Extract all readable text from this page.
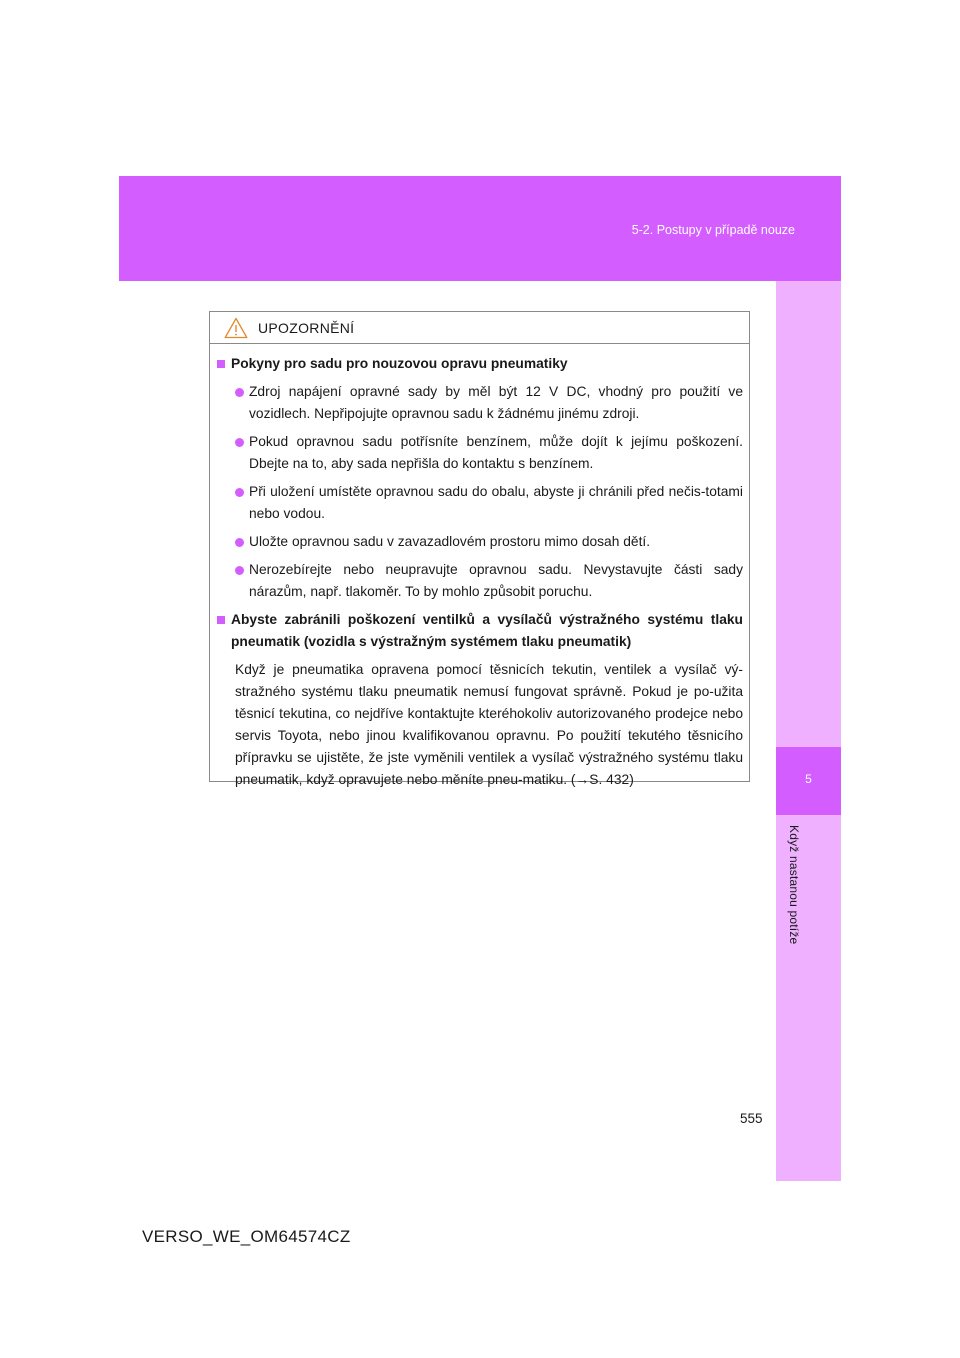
5-2. Postupy v případě nouze
5
Když nastanou potíže
UPOZORNĚNÍ
Pokyny pro sadu pro nouzovou opravu pneumatiky
Zdroj napájení opravné sady by měl být 12 V DC, vhodný pro použití ve vozidlech. Nepřipojujte opravnou sadu k žádnému jinému zdroji.
Pokud opravnou sadu potřísníte benzínem, může dojít k jejímu poškození. Dbejte na to, aby sada nepřišla do kontaktu s benzínem.
Při uložení umístěte opravnou sadu do obalu, abyste ji chránili před nečis-totami nebo vodou.
Uložte opravnou sadu v zavazadlovém prostoru mimo dosah dětí.
Nerozebírejte nebo neupravujte opravnou sadu. Nevystavujte části sady nárazům, např. tlakoměr. To by mohlo způsobit poruchu.
Abyste zabránili poškození ventilků a vysílačů výstražného systému tlaku pneumatik (vozidla s výstražným systémem tlaku pneumatik)
Když je pneumatika opravena pomocí těsnicích tekutin, ventilek a vysílač vý-stražného systému tlaku pneumatik nemusí fungovat správně. Pokud je po-užita těsnicí tekutina, co nejdříve kontaktujte kteréhokoliv autorizovaného prodejce nebo servis Toyota, nebo jinou kvalifikovanou opravnu. Po použití tekutého těsnicího přípravku se ujistěte, že jste vyměnili ventilek a vysílač výstražného systému tlaku pneumatik, když opravujete nebo měníte pneu-matiku. (→S. 432)
555
VERSO_WE_OM64574CZ
